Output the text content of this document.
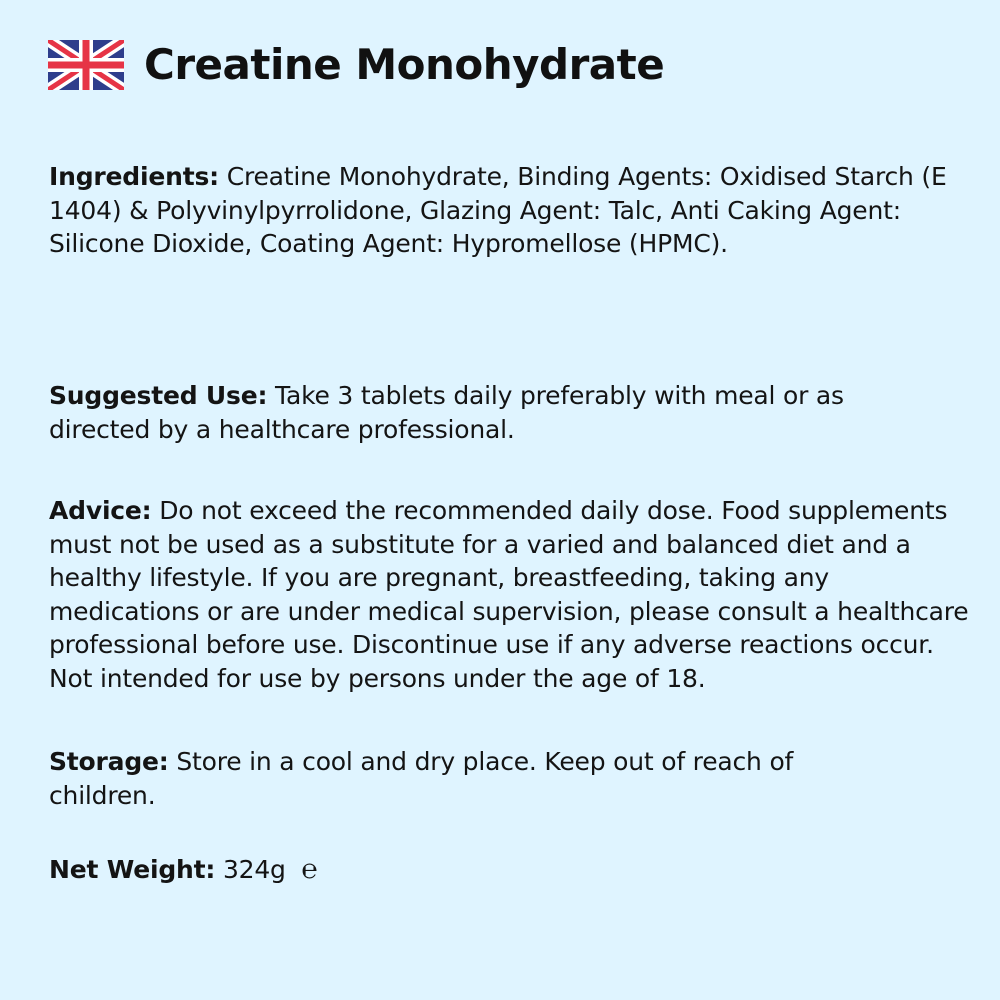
Creatine Monohydrate

Ingredients: Creatine Monohydrate, Binding Agents: Oxidised Starch (E 1404) & Polyvinylpyrrolidone, Glazing Agent: Talc, Anti Caking Agent: Silicone Dioxide, Coating Agent: Hypromellose (HPMC).

Suggested Use: Take 3 tablets daily preferably with meal or as directed by a healthcare professional.

Advice: Do not exceed the recommended daily dose. Food supplements must not be used as a substitute for a varied and balanced diet and a healthy lifestyle. If you are pregnant, breastfeeding, taking any medications or are under medical supervision, please consult a healthcare professional before use. Discontinue use if any adverse reactions occur. Not intended for use by persons under the age of 18.

Storage: Store in a cool and dry place. Keep out of reach of children.

Net Weight: 324g ℮
